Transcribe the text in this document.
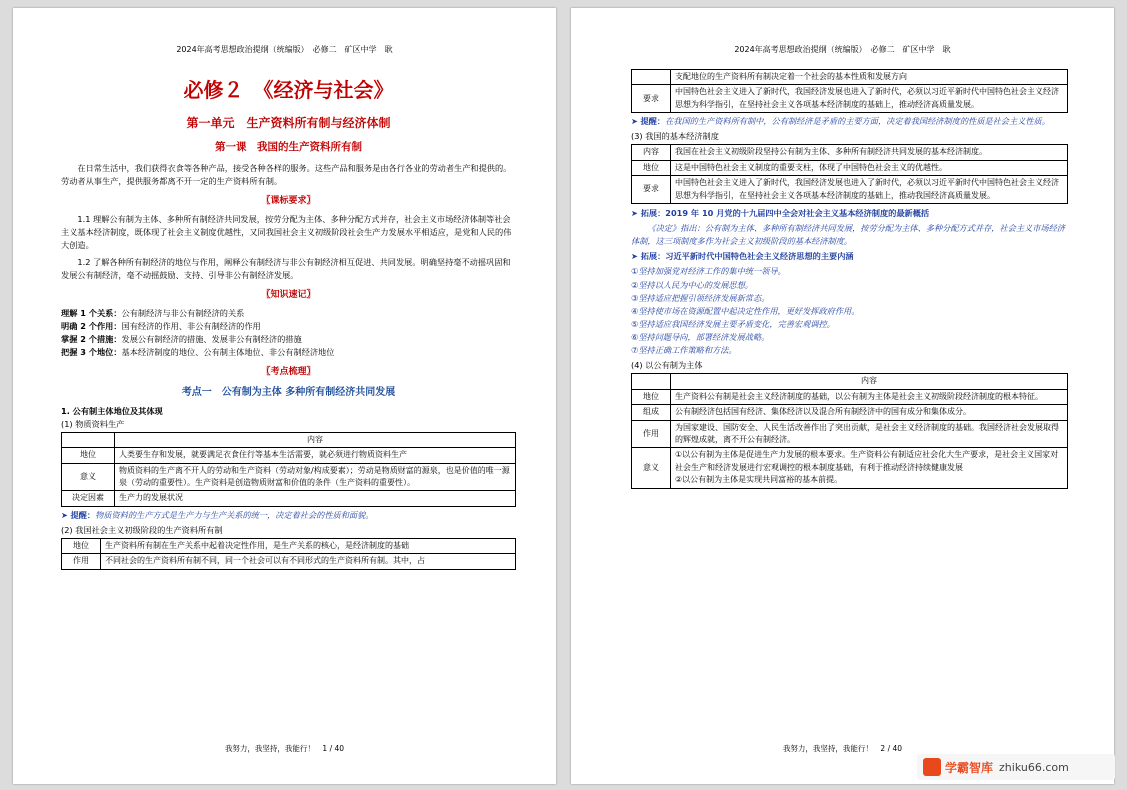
2024年高考思想政治提纲（统编版）　必修二　矿区中学　耿
必修２　《经济与社会》
第一单元　生产资料所有制与经济体制
第一课　我国的生产资料所有制

在日常生活中，我们获得衣食等各种产品，接受各种各样的服务。这些产品和服务是由各行各业的劳动者生产和提供的。劳动者从事生产，提供服务都离不开一定的生产资料所有制。

〖课标要求〗

1.1 理解公有制为主体、多种所有制经济共同发展，按劳分配为主体、多种分配方式并存，社会主义市场经济体制等社会主义基本经济制度，既体现了社会主义制度优越性，又同我国社会主义初级阶段社会生产力发展水平相适应，是党和人民的伟大创造。

1.2 了解各种所有制经济的地位与作用，阐释公有制经济与非公有制经济相互促进、共同发展。明确坚持毫不动摇巩固和发展公有制经济，毫不动摇鼓励、支持、引导非公有制经济发展。

〖知识速记〗

理解 1 个关系：公有制经济与非公有制经济的关系

明确 2 个作用：国有经济的作用、非公有制经济的作用

掌握 2 个措施：发展公有制经济的措施、发展非公有制经济的措施

把握 3 个地位：基本经济制度的地位、公有制主体地位、非公有制经济地位

〖考点梳理〗
考点一　公有制为主体 多种所有制经济共同发展

1. 公有制主体地位及其体现

(1) 物质资料生产

	内容
地位	人类要生存和发展，就要满足衣食住行等基本生活需要，就必须进行物质资料生产
意义	物质资料的生产离不开人的劳动和生产资料（劳动对象/构成要素）；劳动是物质财富的源泉，也是价值的唯一源泉（劳动的重要性）。生产资料是创造物质财富和价值的条件（生产资料的重要性）。
决定因素	生产力的发展状况

➤ 提醒：物质资料的生产方式是生产力与生产关系的统一，决定着社会的性质和面貌。

(2) 我国社会主义初级阶段的生产资料所有制

地位	生产资料所有制在生产关系中起着决定性作用，是生产关系的核心，是经济制度的基础
作用	不同社会的生产资料所有制不同，同一个社会可以有不同形式的生产资料所有制。其中，占
我努力，我坚持，我能行！　1 / 40
2024年高考思想政治提纲（统编版）　必修二　矿区中学　耿
	支配地位的生产资料所有制决定着一个社会的基本性质和发展方向
要求	中国特色社会主义进入了新时代，我国经济发展也进入了新时代，必须以习近平新时代中国特色社会主义经济思想为科学指引，在坚持社会主义各项基本经济制度的基础上，推动经济高质量发展。

➤ 提醒：在我国的生产资料所有制中，公有制经济是矛盾的主要方面，决定着我国经济制度的性质是社会主义性质。

(3) 我国的基本经济制度

内容	我国在社会主义初级阶段坚持公有制为主体、多种所有制经济共同发展的基本经济制度。
地位	这是中国特色社会主义制度的重要支柱，体现了中国特色社会主义的优越性。
要求	中国特色社会主义进入了新时代，我国经济发展也进入了新时代，必须以习近平新时代中国特色社会主义经济思想为科学指引，在坚持社会主义各项基本经济制度的基础上，推动我国经济高质量发展。

➤ 拓展：2019 年 10 月党的十九届四中全会对社会主义基本经济制度的最新概括

《决定》指出：公有制为主体、多种所有制经济共同发展，按劳分配为主体、多种分配方式并存，社会主义市场经济体制，这三项制度多作为社会主义初级阶段的基本经济制度。

➤ 拓展：习近平新时代中国特色社会主义经济思想的主要内涵

①坚持加强党对经济工作的集中统一领导。

②坚持以人民为中心的发展思想。

③坚持适应把握引领经济发展新常态。

④坚持使市场在资源配置中起决定性作用，更好发挥政府作用。

⑤坚持适应我国经济发展主要矛盾变化，完善宏观调控。

⑥坚持问题导向，部署经济发展战略。

⑦坚持正确工作策略和方法。

(4) 以公有制为主体

	内容
地位	生产资料公有制是社会主义经济制度的基础，以公有制为主体是社会主义初级阶段经济制度的根本特征。
组成	公有制经济包括国有经济、集体经济以及混合所有制经济中的国有成分和集体成分。
作用	为国家建设、国防安全、人民生活改善作出了突出贡献，是社会主义经济制度的基础。我国经济社会发展取得的辉煌成就，离不开公有制经济。
意义	①以公有制为主体是促进生产力发展的根本要求。生产资料公有制适应社会化大生产要求，是社会主义国家对社会生产和经济发展进行宏观调控的根本制度基础，有利于推动经济持续健康发展
②以公有制为主体是实现共同富裕的基本前提。
我努力，我坚持，我能行！　2 / 40
学霸智库 zhiku66.com
